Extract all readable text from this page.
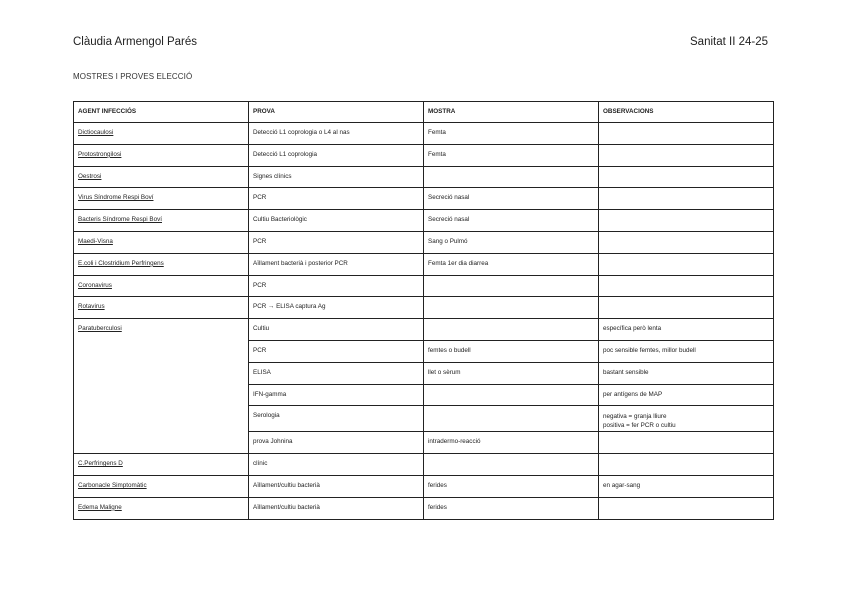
Clàudia Armengol Parés	Sanitat II 24-25
MOSTRES I PROVES ELECCIÓ
AGENT INFECCIÓS	PROVA	MOSTRA	OBSERVACIONS
Dictiocaulosi	Detecció L1 coprologia o L4 al nas	Femta	
Protostrongilosi	Detecció L1 coprologia	Femta	
Oestrosi	Signes clínics		
Virus Síndrome Respi Boví	PCR	Secreció nasal	
Bacteris Síndrome Respi Boví	Cultiu Bacteriològic	Secreció nasal	
Maedi-Visna	PCR	Sang o Pulmó	
E.coli i Clostridium Perfringens	Aïllament bacterià i posterior PCR	Femta 1er dia diarrea	
Coronavirus	PCR		
Rotavirus	PCR → ELISA captura Ag		
Paratuberculosi	Cultiu		específica però lenta
	PCR	femtes o budell	poc sensible femtes, millor budell
	ELISA	llet o sèrum	bastant sensible
	IFN-gamma		per antígens de MAP
	Serologia		negativa = granja lliure
positiva = fer PCR o cultiu
	prova Johnina	intradermo-reacció	
C.Perfringens D	clínic		
Carbonacle Simptomàtic	Aïllament/cultiu bacterià	ferides	en agar-sang
Edema Maligne	Aïllament/cultiu bacterià	ferides	
